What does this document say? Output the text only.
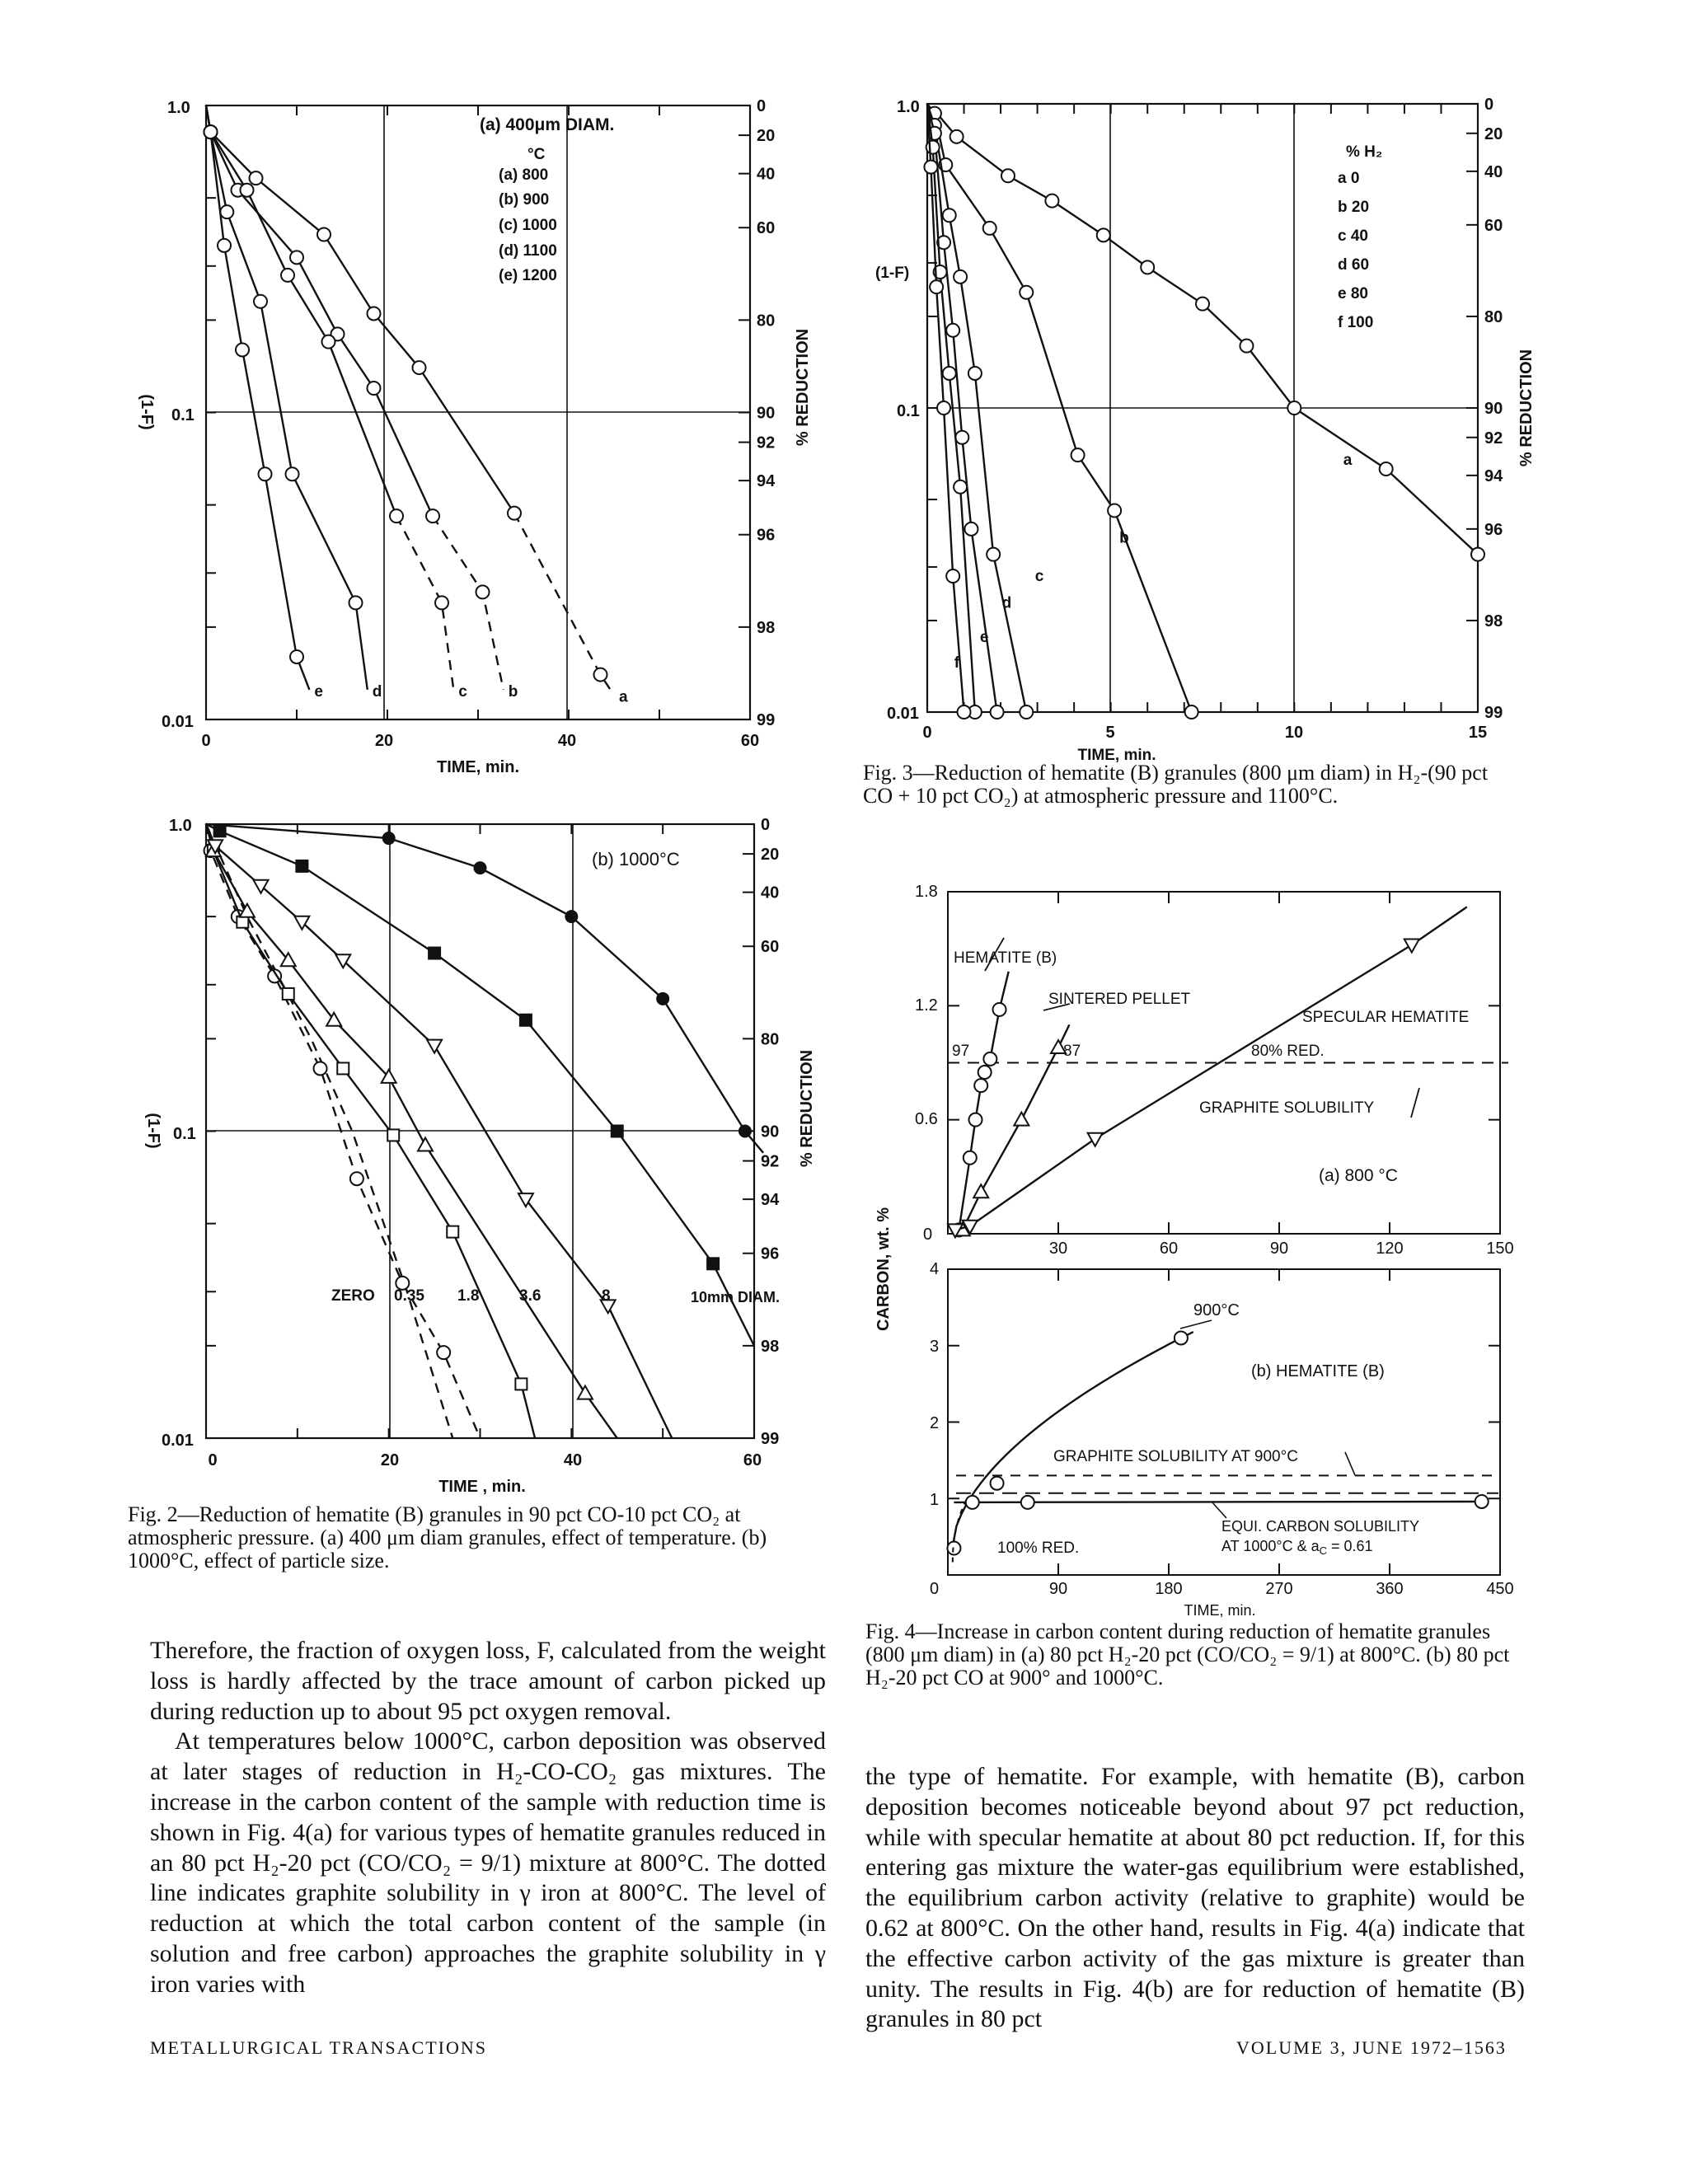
0
20
40
60
80
90
92
94
96
98
99
a
b
c
d
e
1.0
0.1
0.01
(1-F)	% REDUCTION
0	20	40	60
TIME, min.
(a) 400μm DIAM.
°C
(a) 800
(b) 900
(c) 1000
(d) 1100
(e) 1200
0
20
40
60
80
90
92
94
96
98
99
1.0
0.1
0.01
(1-F)	% REDUCTION
0	20	40	60
TIME , min.
(b) 1000°C
ZERO 0.35 1.8	3.6	8	10mm DIAM.
0
20
40
60
80
90
92
94
96
98
99
a
b
c
d
e
f
1.0
0.1
0.01
(1-F)
% REDUCTION
0	5	10	15
TIME, min.
% H₂
a 0
b 20
c 40
d 60
e 80
f 100

Fig. 3—Reduction of hematite (B) granules (800 μm diam) in H₂-(90 pct CO + 10 pct CO₂) at atmospheric pressure and 1100°C.

1.8
1.2
0.6
0
30	60	90	120	150
HEMATITE (B)
SINTERED PELLET
SPECULAR HEMATITE
97	87	80% RED.
GRAPHITE SOLUBILITY
(a) 800 °C
4
3
2
1
0	90	180	270	360	450
TIME, min.
900°C
(b) HEMATITE (B)
GRAPHITE SOLUBILITY AT 900°C
100% RED.
EQUI. CARBON SOLUBILITY
AT 1000°C & $a_C = 0.61$
CARBON, wt. %

Fig. 2—Reduction of hematite (B) granules in 90 pct CO-10 pct CO₂ at atmospheric pressure. (a) 400 μm diam granules, effect of temperature. (b) 1000°C, effect of particle size.

Fig. 4—Increase in carbon content during reduction of hematite granules (800 μm diam) in (a) 80 pct H₂-20 pct (CO/CO₂ = 9/1) at 800°C. (b) 80 pct H₂-20 pct CO at 900° and 1000°C.

Therefore, the fraction of oxygen loss, F, calculated from the weight loss is hardly affected by the trace amount of carbon picked up during reduction up to about 95 pct oxygen removal.

At temperatures below 1000°C, carbon deposition was observed at later stages of reduction in H₂-CO-CO₂ gas mixtures. The increase in the carbon content of the sample with reduction time is shown in Fig. 4(a) for various types of hematite granules reduced in an 80 pct H₂-20 pct (CO/CO₂ = 9/1) mixture at 800°C. The dotted line indicates graphite solubility in γ iron at 800°C. The level of reduction at which the total carbon content of the sample (in solution and free carbon) approaches the graphite solubility in γ iron varies with

the type of hematite. For example, with hematite (B), carbon deposition becomes noticeable beyond about 97 pct reduction, while with specular hematite at about 80 pct reduction. If, for this entering gas mixture the water-gas equilibrium were established, the equilibrium carbon activity (relative to graphite) would be 0.62 at 800°C. On the other hand, results in Fig. 4(a) indicate that the effective carbon activity of the gas mixture is greater than unity. The results in Fig. 4(b) are for reduction of hematite (B) granules in 80 pct

METALLURGICAL TRANSACTIONS	VOLUME 3, JUNE 1972–1563
